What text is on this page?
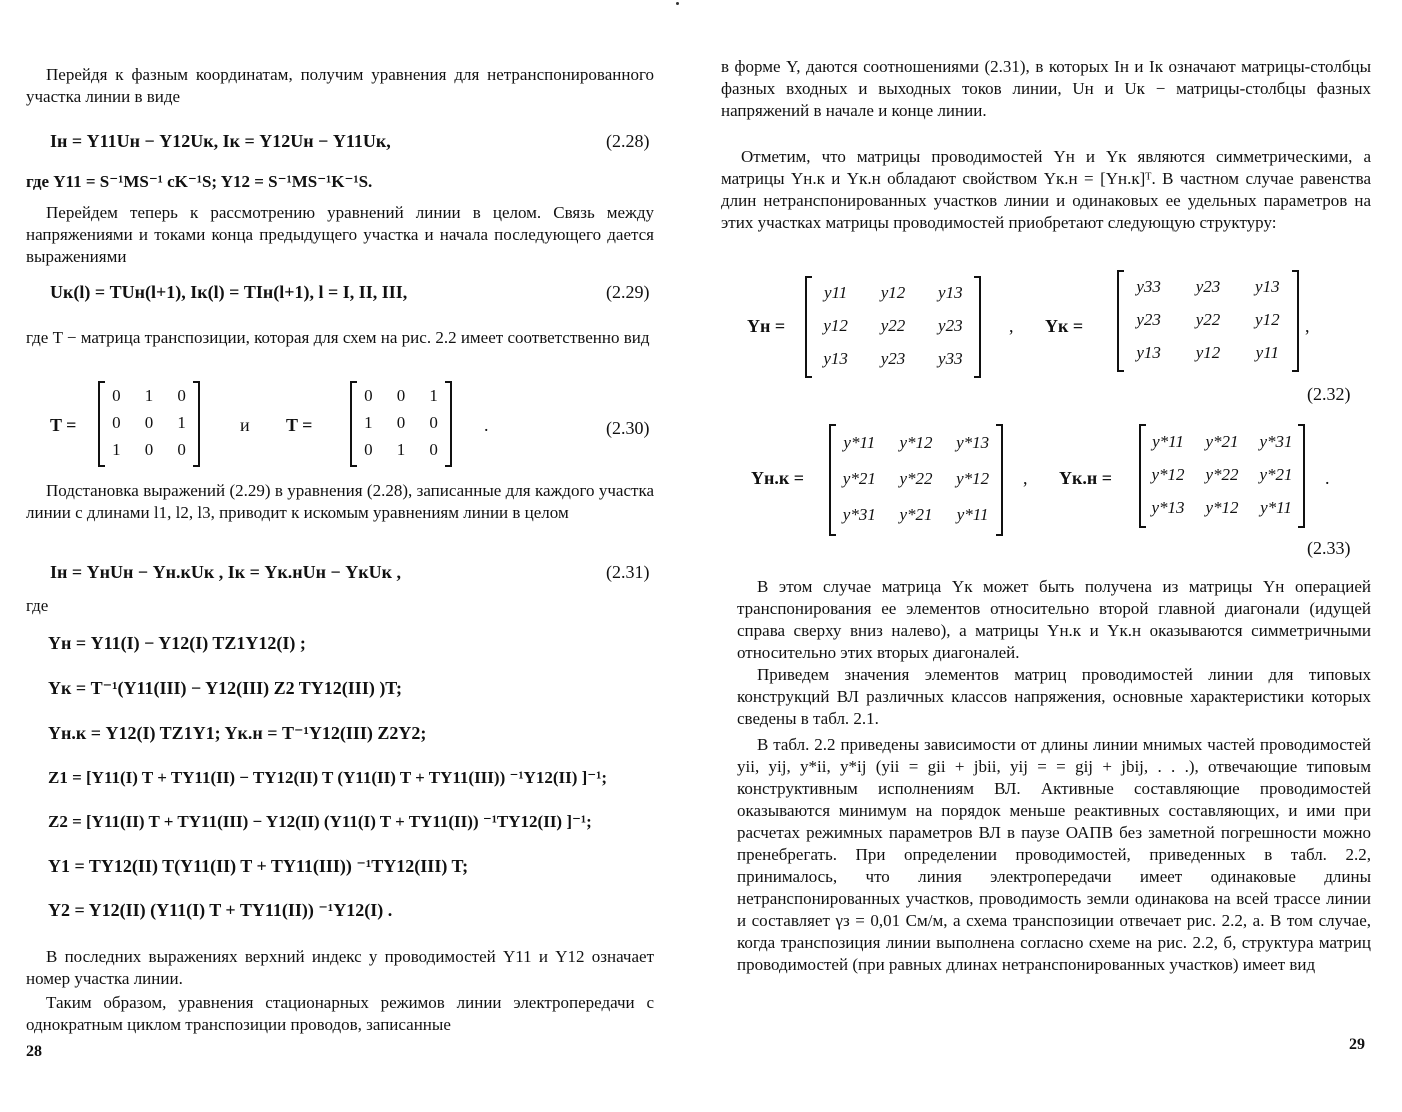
Перейдя к фазным координатам, получим уравнения для нетранспонированного участка линии в виде
Iн = Y11Uн − Y12Uк, Iк = Y12Uн − Y11Uк,	(2.28)
где Y11 = S⁻¹MS⁻¹ cK⁻¹S; Y12 = S⁻¹MS⁻¹K⁻¹S.
Перейдем теперь к рассмотрению уравнений линии в целом. Связь между напряжениями и токами конца предыдущего участка и начала последующего дается выражениями
Uк(l) = TUн(l+1), Iк(l) = TIн(l+1), l = I, II, III,	(2.29)
где T − матрица транспозиции, которая для схем на рис. 2.2 имеет соответственно вид
T =
0	1	0
0	0	1
1	0	0
и T =
0	0	1
1	0	0
0	1	0
.	(2.30)
Подстановка выражений (2.29) в уравнения (2.28), записанные для каждого участка линии с длинами l1, l2, l3, приводит к искомым уравнениям линии в целом
Iн = YнUн − Yн.кUк , Iк = Yк.нUн − YкUк ,	(2.31)
где
Yн = Y11(I) − Y12(I) TZ1Y12(I) ;
Yк = T⁻¹(Y11(III) − Y12(III) Z2 TY12(III) )T;
Yн.к = Y12(I) TZ1Y1; Yк.н = T⁻¹Y12(III) Z2Y2;
Z1 = [Y11(I) T + TY11(II) − TY12(II) T (Y11(II) T + TY11(III)) ⁻¹Y12(II) ]⁻¹;
Z2 = [Y11(II) T + TY11(III) − Y12(II) (Y11(I) T + TY11(II)) ⁻¹TY12(II) ]⁻¹;
Y1 = TY12(II) T(Y11(II) T + TY11(III)) ⁻¹TY12(III) T;
Y2 = Y12(II) (Y11(I) T + TY11(II)) ⁻¹Y12(I) .
В последних выражениях верхний индекс у проводимостей Y11 и Y12 означает номер участка линии.
Таким образом, уравнения стационарных режимов линии электропередачи с однократным циклом транспозиции проводов, записанные
28
в форме Y, даются соотношениями (2.31), в которых Iн и Iк означают матрицы-столбцы фазных входных и выходных токов линии, Uн и Uк − матрицы-столбцы фазных напряжений в начале и конце линии.
Отметим, что матрицы проводимостей Yн и Yк являются симметрическими, а матрицы Yн.к и Yк.н обладают свойством Yк.н = [Yн.к]ᵀ. В частном случае равенства длин нетранспонированных участков линии и одинаковых ее удельных параметров на этих участках матрицы проводимостей приобретают следующую структуру:
Yн =
y11	y12	y13
y12	y22	y23
y13	y23	y33
, Yк =
y33	y23	y13
y23	y22	y12
y13	y12	y11
,
(2.32)
Yн.к =
y*11	y*12	y*13
y*21	y*22	y*12
y*31	y*21	y*11
, Yк.н =
y*11	y*21	y*31
y*12	y*22	y*21
y*13	y*12	y*11
.
(2.33)
В этом случае матрица Yк может быть получена из матрицы Yн операцией транспонирования ее элементов относительно второй главной диагонали (идущей справа сверху вниз налево), а матрицы Yн.к и Yк.н оказываются симметричными относительно этих вторых диагоналей.
Приведем значения элементов матриц проводимостей линии для типовых конструкций ВЛ различных классов напряжения, основные характеристики которых сведены в табл. 2.1.
В табл. 2.2 приведены зависимости от длины линии мнимых частей проводимостей yii, yij, y*ii, y*ij (yii = gii + jbii, yij = = gij + jbij, . . .), отвечающие типовым конструктивным исполнениям ВЛ. Активные составляющие проводимостей оказываются минимум на порядок меньше реактивных составляющих, и ими при расчетах режимных параметров ВЛ в паузе ОАПВ без заметной погрешности можно пренебрегать. При определении проводимостей, приведенных в табл. 2.2, принималось, что линия электропередачи имеет одинаковые длины нетранспонированных участков, проводимость земли одинакова на всей трассе линии и составляет γз = 0,01 См/м, а схема транспозиции отвечает рис. 2.2, а. В том случае, когда транспозиция линии выполнена согласно схеме на рис. 2.2, б, структура матриц проводимостей (при равных длинах нетранспонированных участков) имеет вид
29
